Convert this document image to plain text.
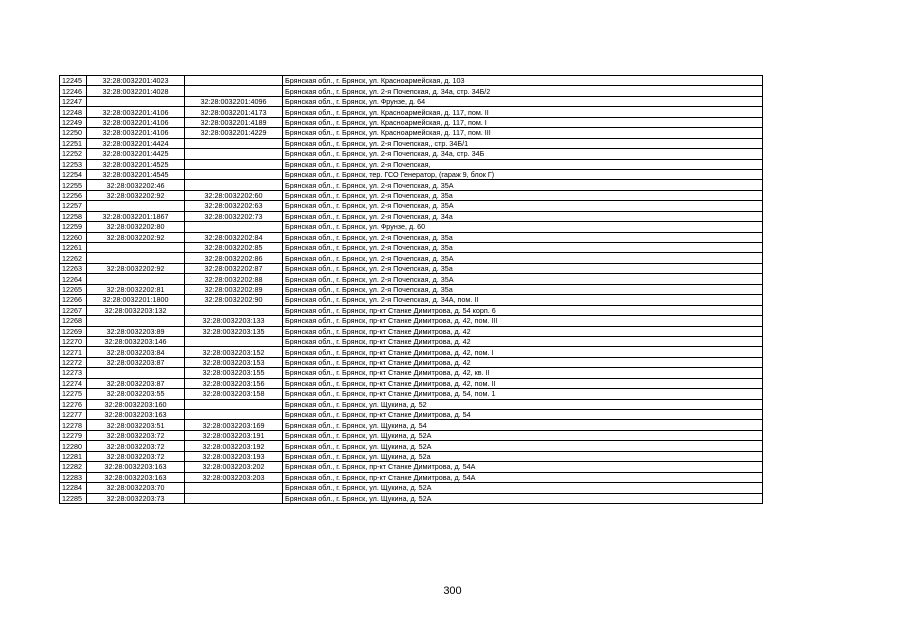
12245	32:28:0032201:4023		Брянская обл., г. Брянск, ул. Красноармейская, д. 103
12246	32:28:0032201:4028		Брянская обл., г. Брянск, ул. 2-я Почепская, д. 34а, стр. 34Б/2
12247		32:28:0032201:4096	Брянская обл., г. Брянск, ул. Фрунзе, д. 64
12248	32:28:0032201:4106	32:28:0032201:4173	Брянская обл., г. Брянск, ул. Красноармейская, д. 117, пом. II
12249	32:28:0032201:4106	32:28:0032201:4189	Брянская обл., г. Брянск, ул. Красноармейская, д. 117, пом. I
12250	32:28:0032201:4106	32:28:0032201:4229	Брянская обл., г. Брянск, ул. Красноармейская, д. 117, пом. III
12251	32:28:0032201:4424		Брянская обл., г. Брянск, ул. 2-я Почепская,, стр. 34Б/1
12252	32:28:0032201:4425		Брянская обл., г. Брянск, ул. 2-я Почепская, д. 34а, стр. 34Б
12253	32:28:0032201:4525		Брянская обл., г. Брянск, ул. 2-я Почепская,
12254	32:28:0032201:4545		Брянская обл., г. Брянск, тер. ГСО Генератор, (гараж 9, блок Г)
12255	32:28:0032202:46		Брянская обл., г. Брянск, ул. 2-я Почепская, д. 35А
12256	32:28:0032202:92	32:28:0032202:60	Брянская обл., г. Брянск, ул. 2-я Почепская, д. 35а
12257		32:28:0032202:63	Брянская обл., г. Брянск, ул. 2-я Почепская, д. 35А
12258	32:28:0032201:1867	32:28:0032202:73	Брянская обл., г. Брянск, ул. 2-я Почепская, д. 34а
12259	32:28:0032202:80		Брянская обл., г. Брянск, ул. Фрунзе, д. 60
12260	32:28:0032202:92	32:28:0032202:84	Брянская обл., г. Брянск, ул. 2-я Почепская, д. 35а
12261		32:28:0032202:85	Брянская обл., г. Брянск, ул. 2-я Почепская, д. 35а
12262		32:28:0032202:86	Брянская обл., г. Брянск, ул. 2-я Почепская, д. 35А
12263	32:28:0032202:92	32:28:0032202:87	Брянская обл., г. Брянск, ул. 2-я Почепская, д. 35а
12264		32:28:0032202:88	Брянская обл., г. Брянск, ул. 2-я Почепская, д. 35А
12265	32:28:0032202:81	32:28:0032202:89	Брянская обл., г. Брянск, ул. 2-я Почепская, д. 35а
12266	32:28:0032201:1800	32:28:0032202:90	Брянская обл., г. Брянск, ул. 2-я Почепская, д. 34А, пом. II
12267	32:28:0032203:132		Брянская обл., г. Брянск, пр-кт Станке Димитрова, д. 54 корп. 6
12268		32:28:0032203:133	Брянская обл., г. Брянск, пр-кт Станке Димитрова, д. 42, пом. III
12269	32:28:0032203:89	32:28:0032203:135	Брянская обл., г. Брянск, пр-кт Станке Димитрова, д. 42
12270	32:28:0032203:146		Брянская обл., г. Брянск, пр-кт Станке Димитрова, д. 42
12271	32:28:0032203:84	32:28:0032203:152	Брянская обл., г. Брянск, пр-кт Станке Димитрова, д. 42, пом. I
12272	32:28:0032203:87	32:28:0032203:153	Брянская обл., г. Брянск, пр-кт Станке Димитрова, д. 42
12273		32:28:0032203:155	Брянская обл., г. Брянск, пр-кт Станке Димитрова, д. 42, кв. II
12274	32:28:0032203:87	32:28:0032203:156	Брянская обл., г. Брянск, пр-кт Станке Димитрова, д. 42, пом. II
12275	32:28:0032203:55	32:28:0032203:158	Брянская обл., г. Брянск, пр-кт Станке Димитрова, д. 54, пом. 1
12276	32:28:0032203:160		Брянская обл., г. Брянск, ул. Щукина, д. 52
12277	32:28:0032203:163		Брянская обл., г. Брянск, пр-кт Станке Димитрова, д. 54
12278	32:28:0032203:51	32:28:0032203:169	Брянская обл., г. Брянск, ул. Щукина, д. 54
12279	32:28:0032203:72	32:28:0032203:191	Брянская обл., г. Брянск, ул. Щукина, д. 52А
12280	32:28:0032203:72	32:28:0032203:192	Брянская обл., г. Брянск, ул. Щукина, д. 52А
12281	32:28:0032203:72	32:28:0032203:193	Брянская обл., г. Брянск, ул. Щукина, д. 52а
12282	32:28:0032203:163	32:28:0032203:202	Брянская обл., г. Брянск, пр-кт Станке Димитрова, д. 54А
12283	32:28:0032203:163	32:28:0032203:203	Брянская обл., г. Брянск, пр-кт Станке Димитрова, д. 54А
12284	32:28:0032203:70		Брянская обл., г. Брянск, ул. Щукина, д. 52А
12285	32:28:0032203:73		Брянская обл., г. Брянск, ул. Щукина, д. 52А
300
